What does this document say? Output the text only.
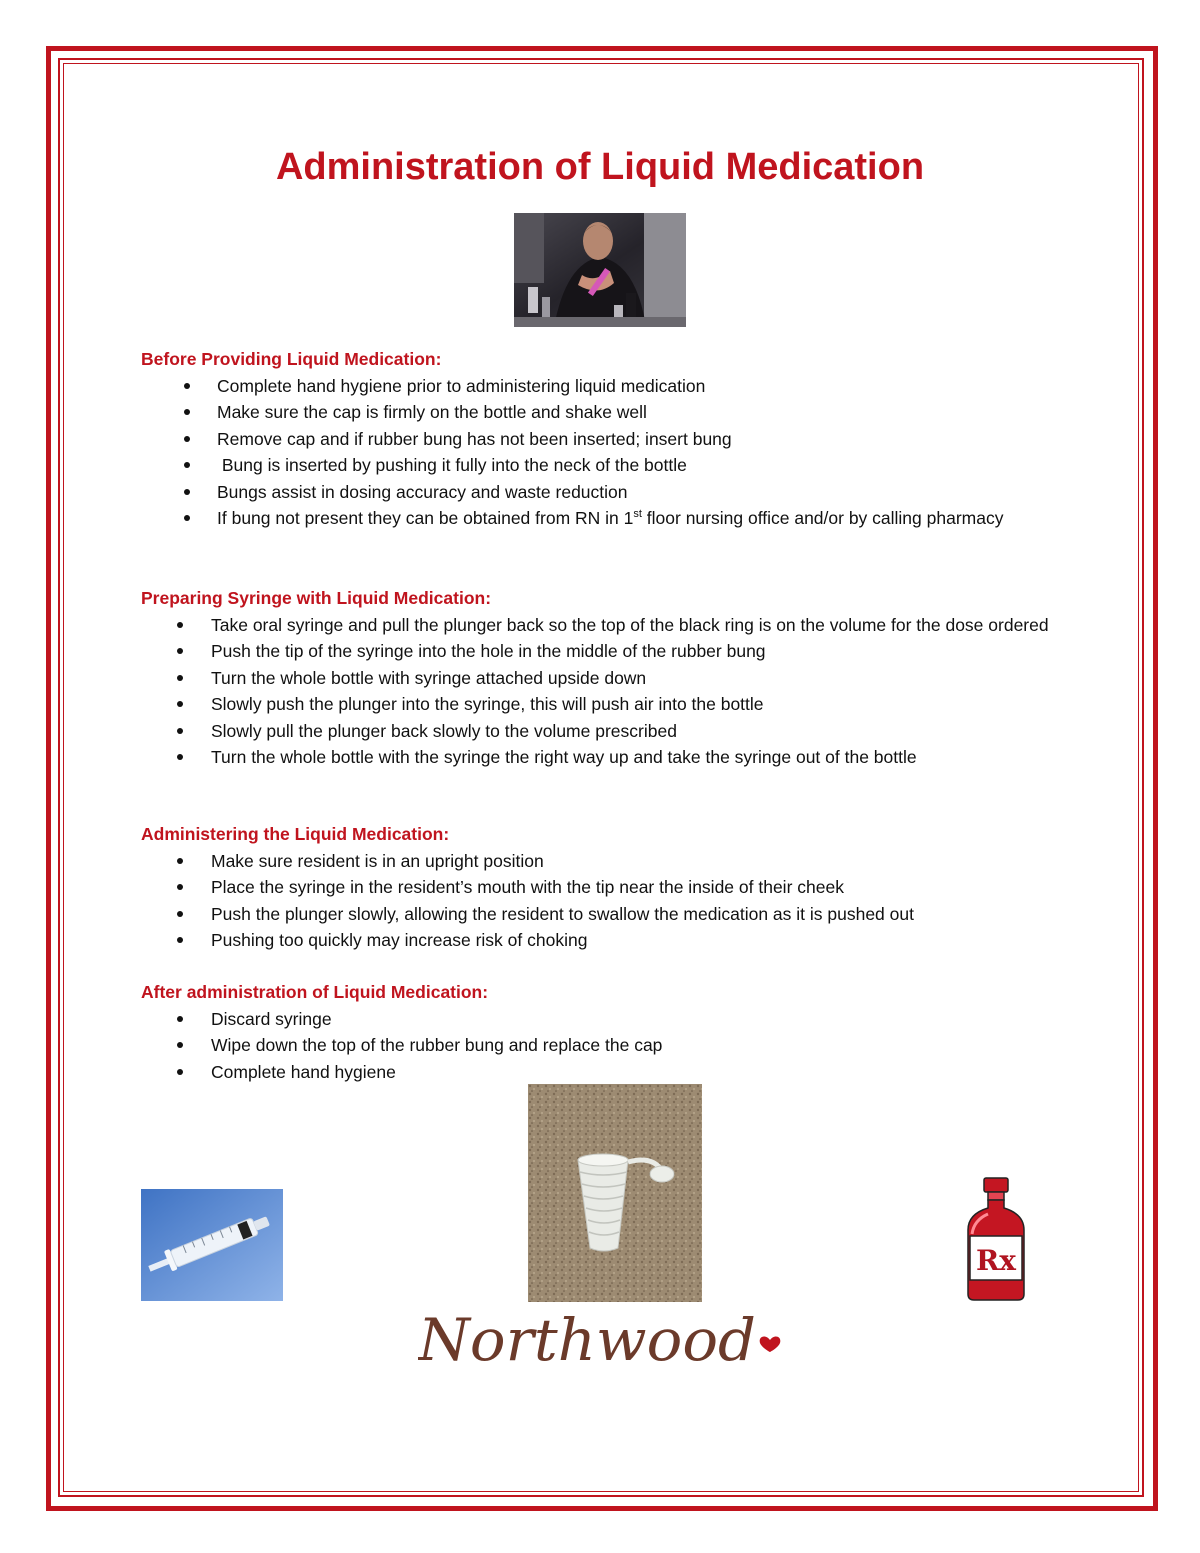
Administration of Liquid Medication
Before Providing Liquid Medication:
Complete hand hygiene prior to administering liquid medication
Make sure the cap is firmly on the bottle and shake well
Remove cap and if rubber bung has not been inserted; insert bung
Bung is inserted by pushing it fully into the neck of the bottle
Bungs assist in dosing accuracy and waste reduction
If bung not present they can be obtained from RN in 1st floor nursing office and/or by calling pharmacy
Preparing Syringe with Liquid Medication:
Take oral syringe and pull the plunger back so the top of the black ring is on the volume for the dose ordered
Push the tip of the syringe into the hole in the middle of the rubber bung
Turn the whole bottle with syringe attached upside down
Slowly push the plunger into the syringe, this will push air into the bottle
Slowly pull the plunger back slowly to the volume prescribed
Turn the whole bottle with the syringe the right way up and take the syringe out of the bottle
Administering the Liquid Medication:
Make sure resident is in an upright position
Place the syringe in the resident’s mouth with the tip near the inside of their cheek
Push the plunger slowly, allowing the resident to swallow the medication as it is pushed out
Pushing too quickly may increase risk of choking
After administration of Liquid Medication:
Discard syringe
Wipe down the top of the rubber bung and replace the cap
Complete hand hygiene
Rx
Northwood
